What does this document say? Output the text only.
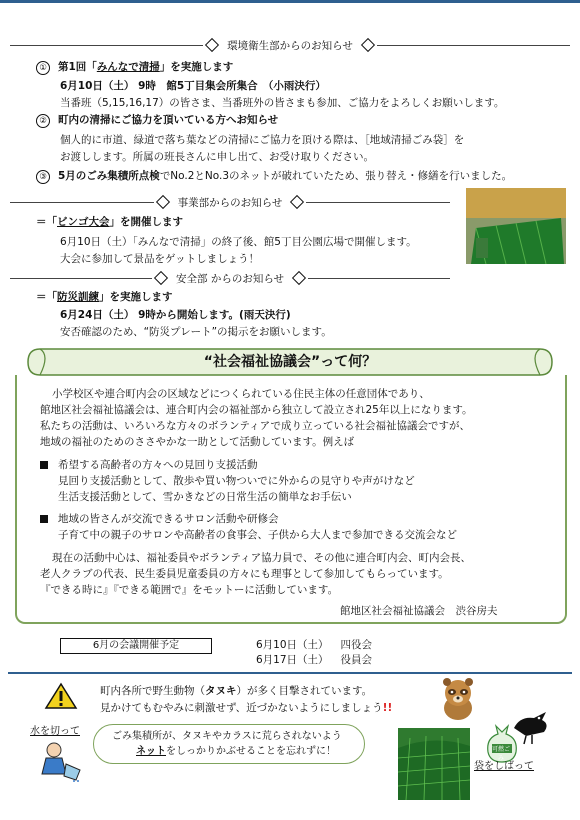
環境衛生部からのお知らせ
① 第1回「みんなで清掃」を実施します
6月10日（土） 9時　館5丁目集会所集合　（小雨決行）
当番班（5,15,16,17）の皆さま、当番班外の皆さまも参加、ご協力をよろしくお願いします。
② 町内の清掃にご協力を頂いている方へお知らせ
個人的に市道、緑道で落ち葉などの清掃にご協力を頂ける際は、［地域清掃ごみ袋］を
お渡しします。所属の班長さんに申し出て、お受け取りください。
③ 5月のごみ集積所点検でNo.2とNo.3のネットが破れていたため、張り替え・修繕を行いました。
事業部からのお知らせ
＝「ビンゴ大会」を開催します
6月10日（土）「みんなで清掃」の終了後、館5丁目公園広場で開催します。
大会に参加して景品をゲットしましょう！
安全部 からのお知らせ
＝「防災訓練」を実施します
6月24日（土） 9時から開始します。(雨天決行)
安否確認のため、“防災プレート”の掲示をお願いします。
“社会福祉協議会”って何？
小学校区や連合町内会の区域などにつくられている住民主体の任意団体であり、
館地区社会福祉協議会は、連合町内会の福祉部から独立して設立され25年以上になります。
私たちの活動は、いろいろな方々のボランティアで成り立っている社会福祉協議会ですが、
地域の福祉のためのささやかな一助として活動しています。例えば
希望する高齢者の方々への見回り支援活動
見回り支援活動として、散歩や買い物ついでに外からの見守りや声がけなど
生活支援活動として、雪かきなどの日常生活の簡単なお手伝い
地域の皆さんが交流できるサロン活動や研修会
子育て中の親子のサロンや高齢者の食事会、子供から大人まで参加できる交流会など
現在の活動中心は、福祉委員やボランティア協力員で、その他に連合町内会、町内会長、
老人クラブの代表、民生委員児童委員の方々にも理事として参加してもらっています。
『できる時に』『できる範囲で』をモットーに活動しています。
館地区社会福祉協議会　渋谷房夫
6月の会議開催予定	6月10日（土） 四役会
6月17日（土） 役員会
町内各所で野生動物（タヌキ）が多く目撃されています。
見かけてもむやみに刺激せず、近づかないようにしましょう!!
水を切って	ごみ集積所が、タヌキやカラスに荒らされないよう
ネットをしっかりかぶせることを忘れずに！	可燃ごみ
袋をしばって
